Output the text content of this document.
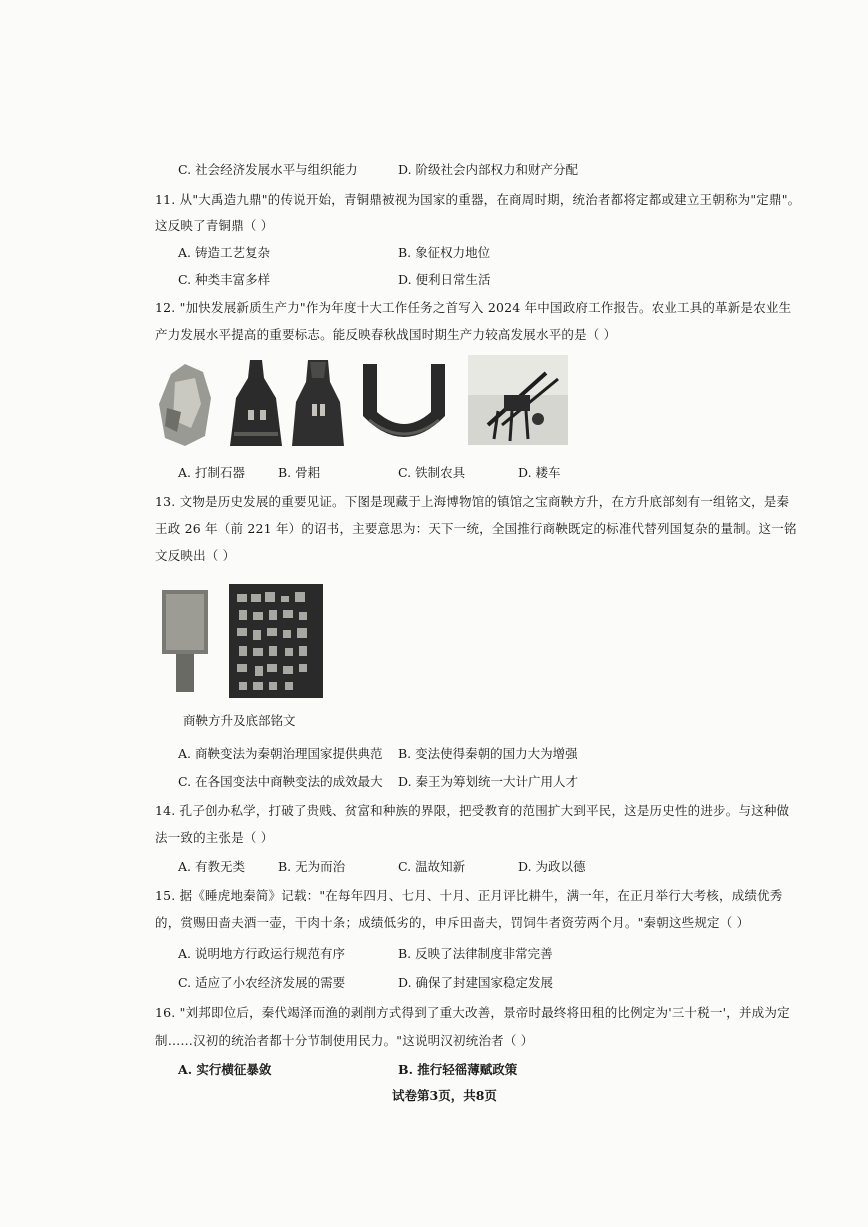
C. 社会经济发展水平与组织能力	D. 阶级社会内部权力和财产分配
11. 从"大禹造九鼎"的传说开始，青铜鼎被视为国家的重器，在商周时期，统治者都将定都或建立王朝称为"定鼎"。
这反映了青铜鼎（ ）
A. 铸造工艺复杂	B. 象征权力地位
C. 种类丰富多样	D. 便利日常生活
12. "加快发展新质生产力"作为年度十大工作任务之首写入 2024 年中国政府工作报告。农业工具的革新是农业生
产力发展水平提高的重要标志。能反映春秋战国时期生产力较高发展水平的是（ ）
A. 打制石器	B. 骨耜	C. 铁制农具	D. 耧车
13. 文物是历史发展的重要见证。下图是现藏于上海博物馆的镇馆之宝商鞅方升，在方升底部刻有一组铭文，是秦
王政 26 年（前 221 年）的诏书，主要意思为：天下一统，全国推行商鞅既定的标准代替列国复杂的量制。这一铭
文反映出（ ）
商鞅方升及底部铭文
A. 商鞅变法为秦朝治理国家提供典范 B. 变法使得秦朝的国力大为增强
C. 在各国变法中商鞅变法的成效最大 D. 秦王为筹划统一大计广用人才
14. 孔子创办私学，打破了贵贱、贫富和种族的界限，把受教育的范围扩大到平民，这是历史性的进步。与这种做
法一致的主张是（ ）
A. 有教无类	B. 无为而治	C. 温故知新	D. 为政以德
15. 据《睡虎地秦简》记载："在每年四月、七月、十月、正月评比耕牛，满一年，在正月举行大考核，成绩优秀
的，赏赐田啬夫酒一壶，干肉十条；成绩低劣的，申斥田啬夫，罚饲牛者资劳两个月。"秦朝这些规定（ ）
A. 说明地方行政运行规范有序	B. 反映了法律制度非常完善
C. 适应了小农经济发展的需要	D. 确保了封建国家稳定发展
16. "刘邦即位后，秦代竭泽而渔的剥削方式得到了重大改善，景帝时最终将田租的比例定为'三十税一'，并成为定
制……汉初的统治者都十分节制使用民力。"这说明汉初统治者（ ）
A. 实行横征暴敛	B. 推行轻徭薄赋政策
试卷第3页，共8页
